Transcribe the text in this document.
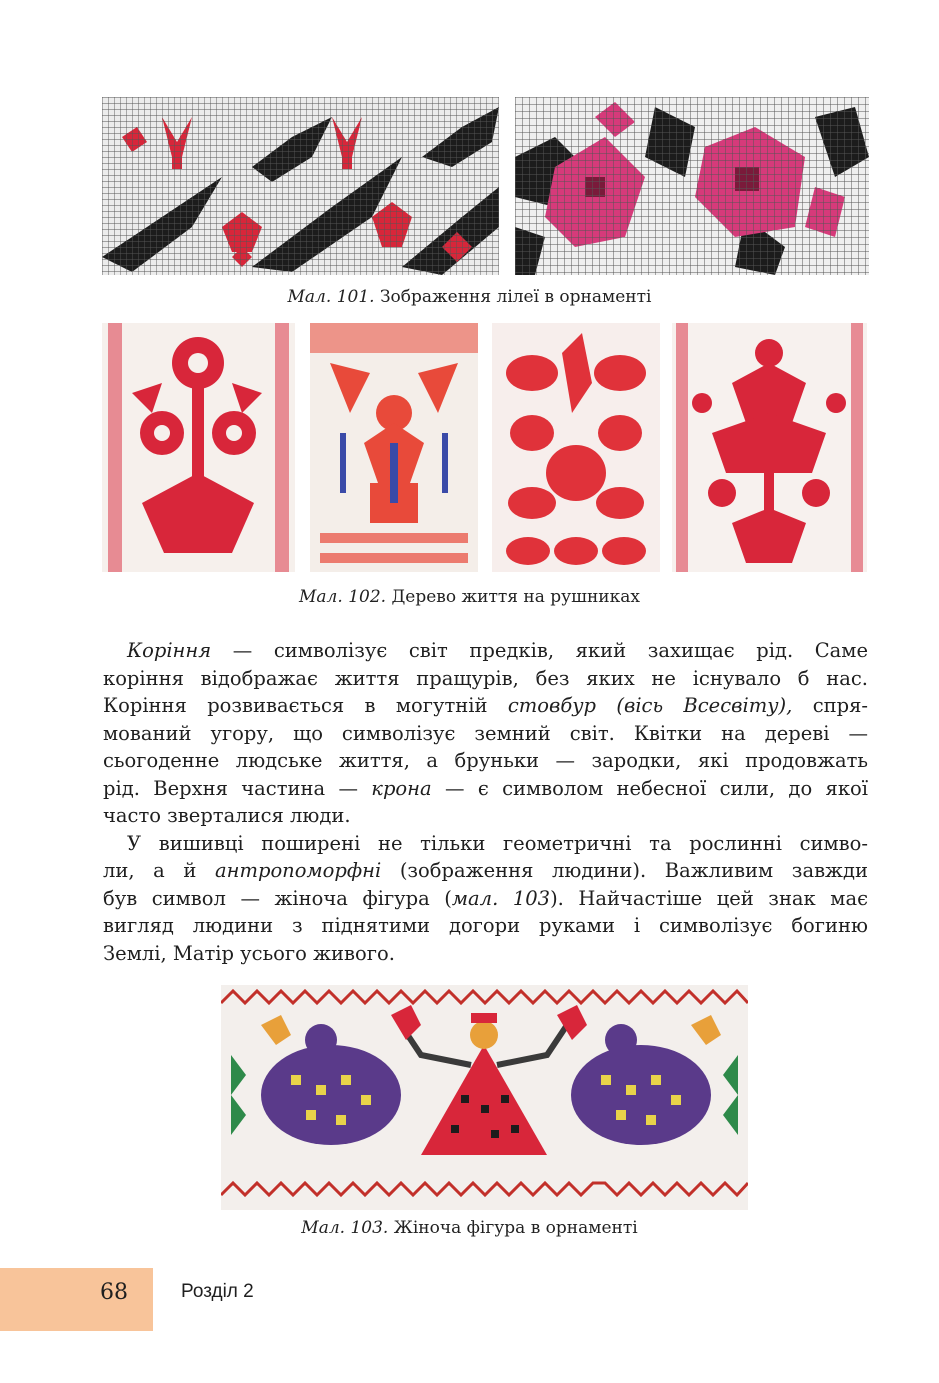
Мал. 101. Зображення лілеї в орнаменті
Мал. 102. Дерево життя на рушниках
Коріння — символізує світ предків, який захищає рід. Саме
коріння відображає життя пращурів, без яких не існувало б нас.
Коріння розвивається в могутній стовбур (вісь Всесвіту), спря-
мований угору, що символізує земний світ. Квітки на дереві —
сьогоденне людське життя, а бруньки — зародки, які продовжать
рід. Верхня частина — крона — є символом небесної сили, до якої
часто зверталися люди.
У вишивці поширені не тільки геометричні та рослинні симво-
ли, а й антропоморфні (зображення людини). Важливим завжди
був символ — жіноча фігура (мал. 103). Найчастіше цей знак має
вигляд людини з піднятими догори руками і символізує богиню
Землі, Матір усього живого.
Мал. 103. Жіноча фігура в орнаменті
68	Розділ 2
